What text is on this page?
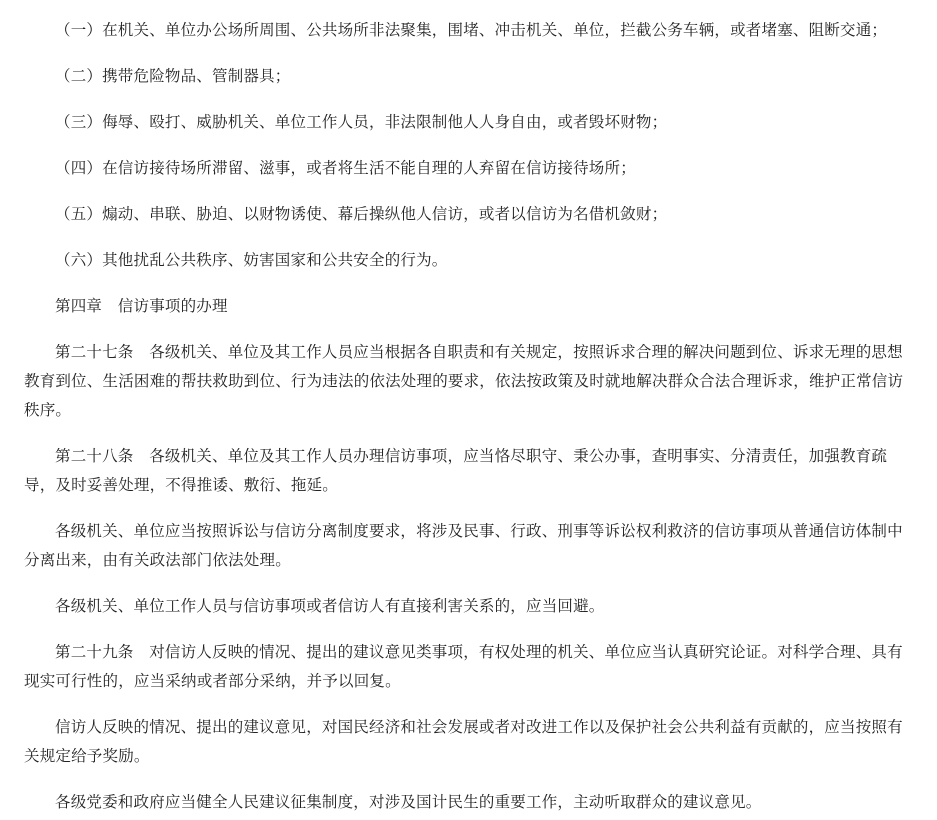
（一）在机关、单位办公场所周围、公共场所非法聚集，围堵、冲击机关、单位，拦截公务车辆，或者堵塞、阻断交通；

（二）携带危险物品、管制器具；

（三）侮辱、殴打、威胁机关、单位工作人员，非法限制他人人身自由，或者毁坏财物；

（四）在信访接待场所滞留、滋事，或者将生活不能自理的人弃留在信访接待场所；

（五）煽动、串联、胁迫、以财物诱使、幕后操纵他人信访，或者以信访为名借机敛财；

（六）其他扰乱公共秩序、妨害国家和公共安全的行为。

第四章　信访事项的办理

第二十七条　各级机关、单位及其工作人员应当根据各自职责和有关规定，按照诉求合理的解决问题到位、诉求无理的思想教育到位、生活困难的帮扶救助到位、行为违法的依法处理的要求，依法按政策及时就地解决群众合法合理诉求，维护正常信访秩序。

第二十八条　各级机关、单位及其工作人员办理信访事项，应当恪尽职守、秉公办事，查明事实、分清责任，加强教育疏导，及时妥善处理，不得推诿、敷衍、拖延。

各级机关、单位应当按照诉讼与信访分离制度要求，将涉及民事、行政、刑事等诉讼权利救济的信访事项从普通信访体制中分离出来，由有关政法部门依法处理。

各级机关、单位工作人员与信访事项或者信访人有直接利害关系的，应当回避。

第二十九条　对信访人反映的情况、提出的建议意见类事项，有权处理的机关、单位应当认真研究论证。对科学合理、具有现实可行性的，应当采纳或者部分采纳，并予以回复。

信访人反映的情况、提出的建议意见，对国民经济和社会发展或者对改进工作以及保护社会公共利益有贡献的，应当按照有关规定给予奖励。

各级党委和政府应当健全人民建议征集制度，对涉及国计民生的重要工作，主动听取群众的建议意见。
